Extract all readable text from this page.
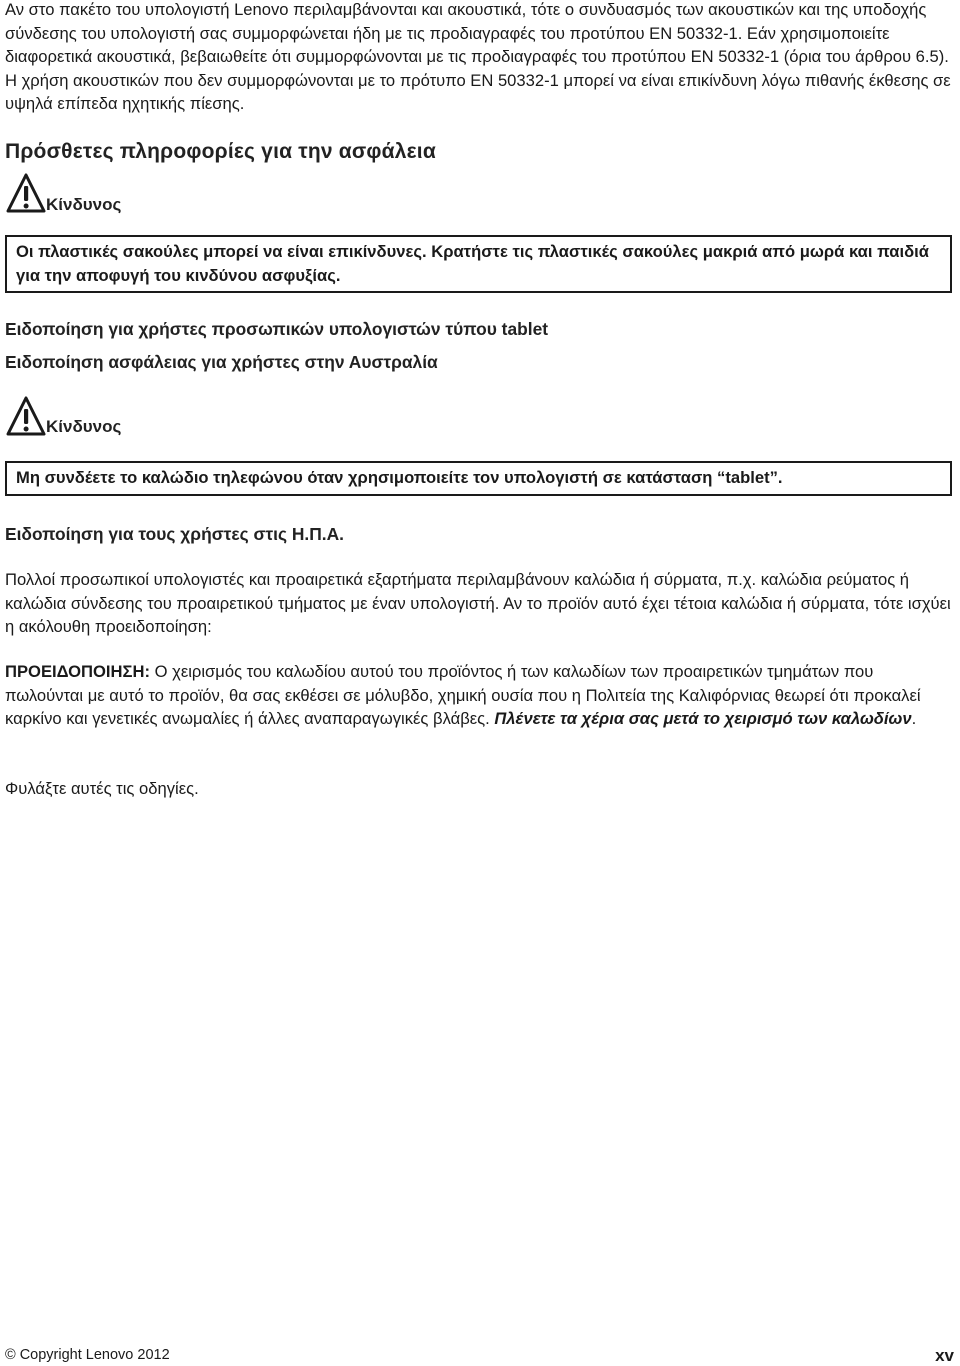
Αν στο πακέτο του υπολογιστή Lenovo περιλαμβάνονται και ακουστικά, τότε ο συνδυασμός των ακουστικών και της υποδοχής σύνδεσης του υπολογιστή σας συμμορφώνεται ήδη με τις προδιαγραφές του προτύπου EN 50332-1. Εάν χρησιμοποιείτε διαφορετικά ακουστικά, βεβαιωθείτε ότι συμμορφώνονται με τις προδιαγραφές του προτύπου EN 50332-1 (όρια του άρθρου 6.5). Η χρήση ακουστικών που δεν συμμορφώνονται με το πρότυπο EN 50332-1 μπορεί να είναι επικίνδυνη λόγω πιθανής έκθεσης σε υψηλά επίπεδα ηχητικής πίεσης.

Πρόσθετες πληροφορίες για την ασφάλεια
Κίνδυνος
Οι πλαστικές σακούλες μπορεί να είναι επικίνδυνες. Κρατήστε τις πλαστικές σακούλες μακριά από μωρά και παιδιά για την αποφυγή του κινδύνου ασφυξίας.
Ειδοποίηση για χρήστες προσωπικών υπολογιστών τύπου tablet
Ειδοποίηση ασφάλειας για χρήστες στην Αυστραλία
Κίνδυνος
Μη συνδέετε το καλώδιο τηλεφώνου όταν χρησιμοποιείτε τον υπολογιστή σε κατάσταση “tablet”.
Ειδοποίηση για τους χρήστες στις Η.Π.Α.

Πολλοί προσωπικοί υπολογιστές και προαιρετικά εξαρτήματα περιλαμβάνουν καλώδια ή σύρματα, π.χ. καλώδια ρεύματος ή καλώδια σύνδεσης του προαιρετικού τμήματος με έναν υπολογιστή. Αν το προϊόν αυτό έχει τέτοια καλώδια ή σύρματα, τότε ισχύει η ακόλουθη προειδοποίηση:

ΠΡΟΕΙΔΟΠΟΙΗΣΗ: Ο χειρισμός του καλωδίου αυτού του προϊόντος ή των καλωδίων των προαιρετικών τμημάτων που πωλούνται με αυτό το προϊόν, θα σας εκθέσει σε μόλυβδο, χημική ουσία που η Πολιτεία της Καλιφόρνιας θεωρεί ότι προκαλεί καρκίνο και γενετικές ανωμαλίες ή άλλες αναπαραγωγικές βλάβες. Πλένετε τα χέρια σας μετά το χειρισμό των καλωδίων.

Φυλάξτε αυτές τις οδηγίες.

© Copyright Lenovo 2012	xv
